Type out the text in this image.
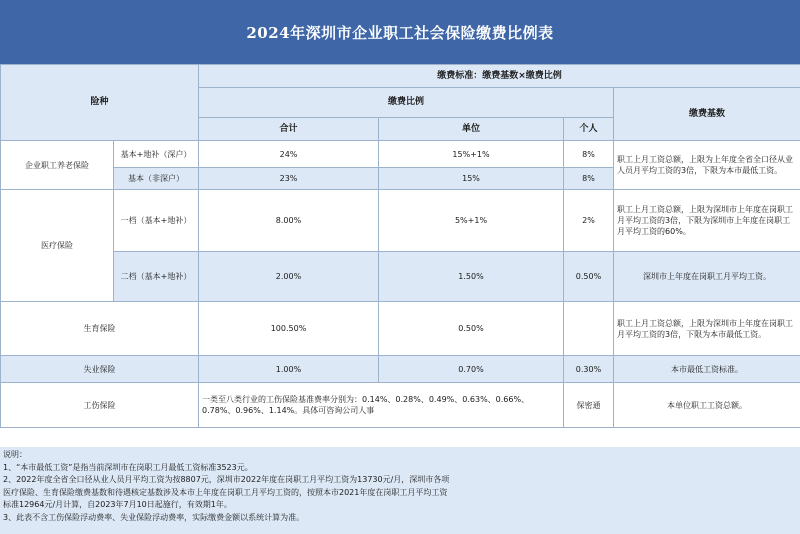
2024年深圳市企业职工社会保险缴费比例表
险种		缴费标准：缴费基数×缴费比例			
		缴费比例			缴费基数
		合计	单位	个人	
企业职工养老保险	基本+地补（深户）	24%	15%+1%	8%	职工上月工资总额，上限为上年度全省全口径从业人员月平均工资的3倍，下限为本市最低工资。
	基本（非深户）	23%	15%	8%	
医疗保险	一档（基本+地补）	8.00%	5%+1%	2%	职工上月工资总额，上限为深圳市上年度在岗职工月平均工资的3倍，下限为深圳市上年度在岗职工月平均工资的60%。
	二档（基本+地补）	2.00%	1.50%	0.50%	深圳市上年度在岗职工月平均工资。
生育保险		100.50%	0.50%		职工上月工资总额，上限为深圳市上年度在岗职工月平均工资的3倍，下限为本市最低工资。
失业保险		1.00%	0.70%	0.30%	本市最低工资标准。
工伤保险		一类至八类行业的工伤保险基准费率分别为：0.14%、0.28%、0.49%、0.63%、0.66%、0.78%、0.96%、1.14%。具体可咨询公司人事		保密通	本单位职工工资总额。
说明：
1、“本市最低工资”是指当前深圳市在岗职工月最低工资标准3523元。
2、2022年度全省全口径从业人员月平均工资为按8807元，深圳市2022年度在岗职工月平均工资为13730元/月，深圳市各项
医疗保险、生育保险缴费基数和待遇核定基数涉及本市上年度在岗职工月平均工资的，按照本市2021年度在岗职工月平均工资
标准12964元/月计算，自2023年7月10日起施行，有效期1年。
3、此表不含工伤保险浮动费率、失业保险浮动费率，实际缴费金额以系统计算为准。
